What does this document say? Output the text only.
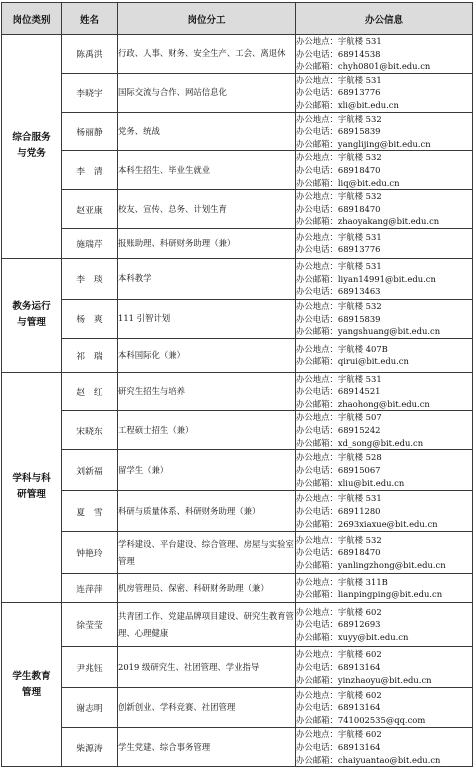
岗位类别	姓名	岗位分工	办公信息

综合服务
与党务	陈禹洪	行政、人事、财务、安全生产、工会、离退休	办公地点：宇航楼 531
办公电话：68914538
办公邮箱：chyh0801@bit.edu.cn

	李晓宇	国际交流与合作、网站信息化	办公地点：宇航楼 531
办公电话：68913776
办公邮箱：xli@bit.edu.cn

	杨丽静	党务、统战	办公地点：宇航楼 532
办公电话：68915839
办公邮箱：yanglijing@bit.edu.cn

	李　清	本科生招生、毕业生就业	办公地点：宇航楼 532
办公电话：68918470
办公邮箱：liq@bit.edu.cn

	赵亚康	校友、宣传、总务、计划生育	办公地点：宇航楼 532
办公电话：68918470
办公邮箱：zhaoyakang@bit.edu.cn

	施瑞芹	报账助理、科研财务助理（兼）	办公地点：宇航楼 531
办公电话：68913776

教务运行
与管理	李　琰	本科教学	办公地点：宇航楼 531
办公邮箱：liyan14991@bit.edu.cn
办公电话：68913463

	杨　爽	111 引智计划	办公地点：宇航楼 532
办公电话：68915839
办公邮箱：yangshuang@bit.edu.cn

	祁　瑞	本科国际化（兼）	办公地点：宇航楼 407B
办公邮箱：qirui@bit.edu.cn

学科与科
研管理	赵　红	研究生招生与培养	办公地点：宇航楼 531
办公电话：68914521
办公邮箱：zhaohong@bit.edu.cn

	宋晓东	工程硕士招生（兼）	办公地点：宇航楼 507
办公电话：68915242
办公邮箱：xd_song@bit.edu.cn

	刘新福	留学生（兼）	办公地点：宇航楼 528
办公电话：68915067
办公邮箱：xliu@bit.edu.cn

	夏　雪	科研与质量体系、科研财务助理（兼）	办公地点：宇航楼 531
办公电话：68911280
办公邮箱：2693xiaxue@bit.edu.cn

	钟艳玲	学科建设、平台建设、综合管理、房屋与实验室管理	办公地点：宇航楼 532
办公电话：68918470
办公邮箱：yanlingzhong@bit.edu.cn

	连萍萍	机房管理员、保密、科研财务助理（兼）	办公地点：宇航楼 311B
办公邮箱：lianpingping@bit.edu.cn

学生教育
管理	徐莹莹	共青团工作、党建品牌项目建设、研究生教育管理、心理健康	办公地点：宇航楼 602
办公电话：68912693
办公邮箱：xuyy@bit.edu.cn

	尹兆钰	2019 级研究生、社团管理、学业指导	办公地点：宇航楼 602
办公电话：68913164
办公邮箱：yinzhaoyu@bit.edu.cn

	谢志明	创新创业、学科竞赛、社团管理	办公地点：宇航楼 602
办公电话：68913164
办公邮箱：741002535@qq.com

	柴源涛	学生党建、综合事务管理	办公地点：宇航楼 602
办公电话：68913164
办公邮箱：chaiyuantao@bit.edu.cn
